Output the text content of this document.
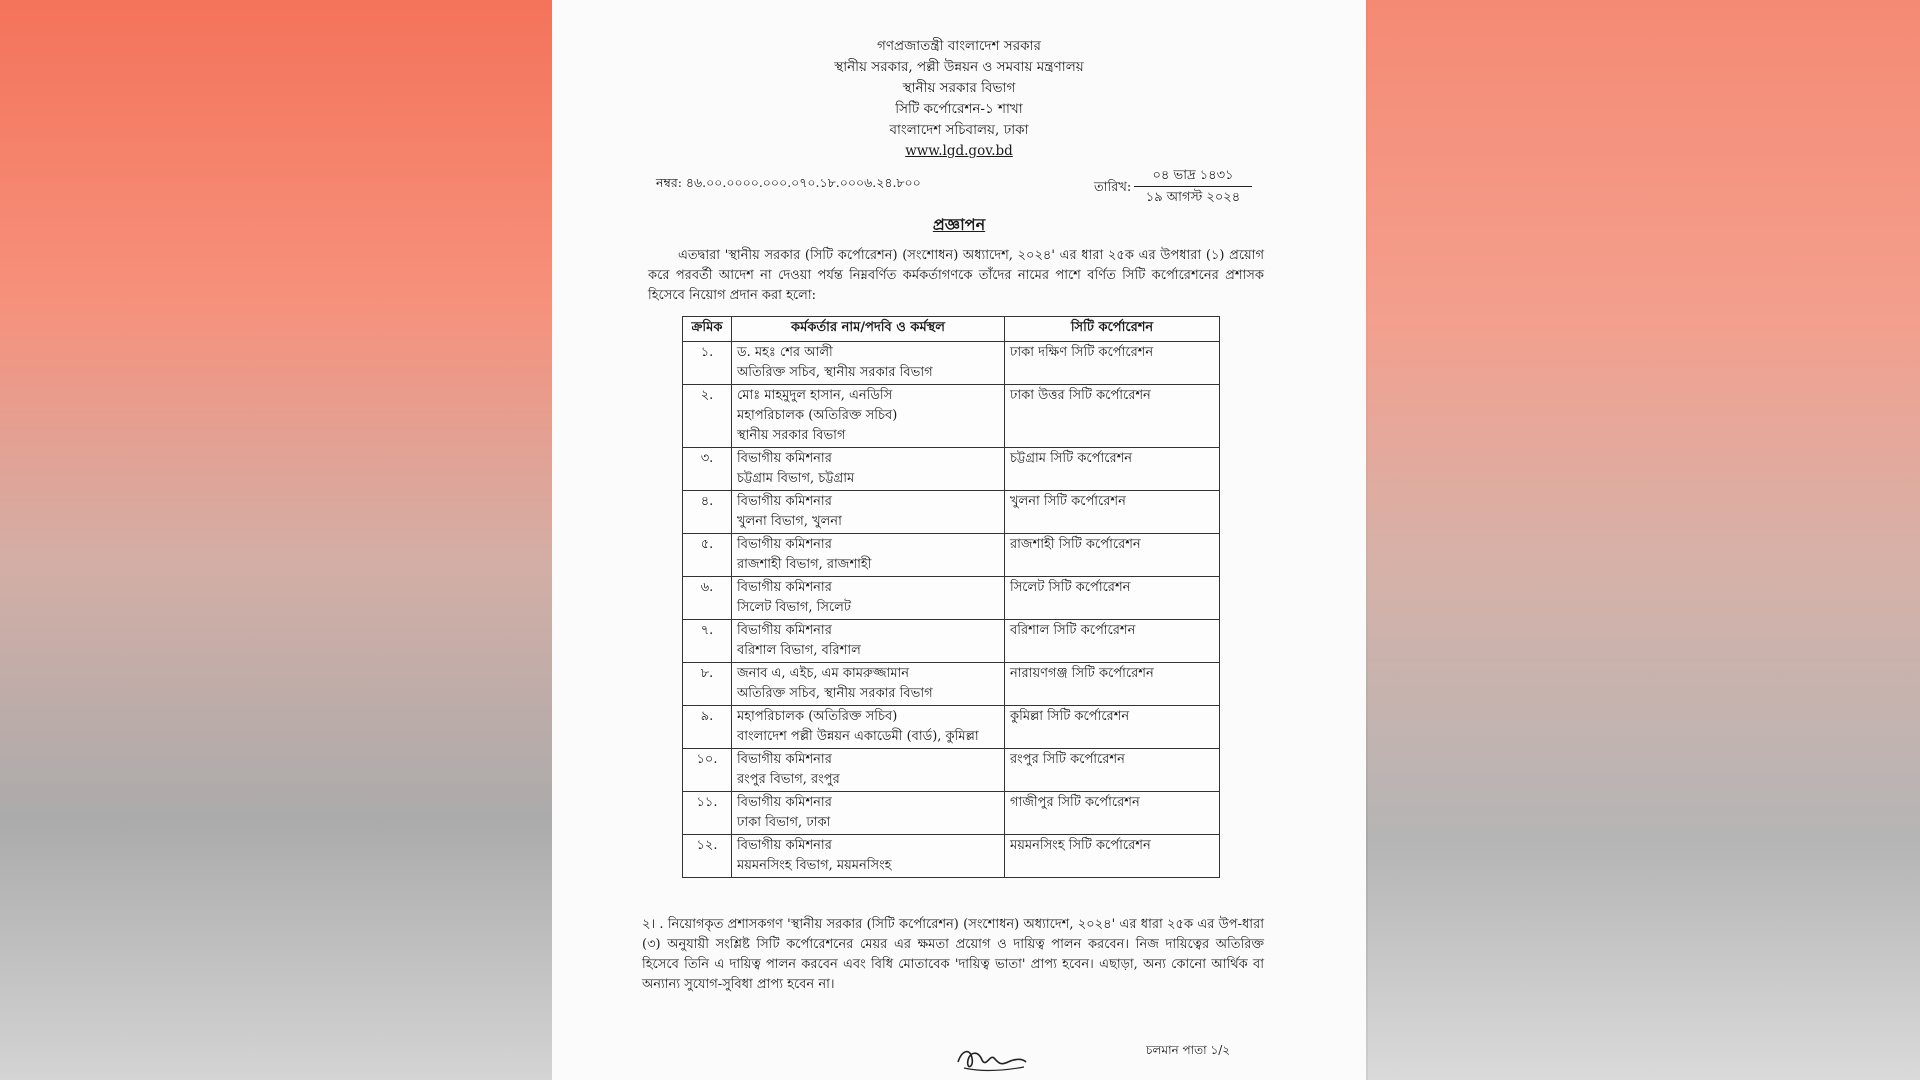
গণপ্রজাতন্ত্রী বাংলাদেশ সরকার
স্থানীয় সরকার, পল্লী উন্নয়ন ও সমবায় মন্ত্রণালয়
স্থানীয় সরকার বিভাগ
সিটি কর্পোরেশন-১ শাখা
বাংলাদেশ সচিবালয়, ঢাকা
www.lgd.gov.bd
নম্বর: ৪৬.০০.০০০০.০০০.০৭০.১৮.০০০৬.২৪.৮০০	তারিখ:
০৪ ভাদ্র ১৪৩১
১৯ আগস্ট ২০২৪
প্রজ্ঞাপন
এতদ্বারা 'স্থানীয় সরকার (সিটি কর্পোরেশন) (সংশোধন) অধ্যাদেশ, ২০২৪' এর ধারা ২৫ক এর উপধারা (১) প্রয়োগ করে পরবর্তী আদেশ না দেওয়া পর্যন্ত নিম্নবর্ণিত কর্মকর্তাগণকে তাঁদের নামের পাশে বর্ণিত সিটি কর্পোরেশনের প্রশাসক হিসেবে নিয়োগ প্রদান করা হলো:
ক্রমিক	কর্মকর্তার নাম/পদবি ও কর্মস্থল	সিটি কর্পোরেশন
১.	ড. মহঃ শের আলী
অতিরিক্ত সচিব, স্থানীয় সরকার বিভাগ	ঢাকা দক্ষিণ সিটি কর্পোরেশন
২.	মোঃ মাহমুদুল হাসান, এনডিসি
মহাপরিচালক (অতিরিক্ত সচিব)
স্থানীয় সরকার বিভাগ	ঢাকা উত্তর সিটি কর্পোরেশন
৩.	বিভাগীয় কমিশনার
চট্টগ্রাম বিভাগ, চট্টগ্রাম	চট্টগ্রাম সিটি কর্পোরেশন
৪.	বিভাগীয় কমিশনার
খুলনা বিভাগ, খুলনা	খুলনা সিটি কর্পোরেশন
৫.	বিভাগীয় কমিশনার
রাজশাহী বিভাগ, রাজশাহী	রাজশাহী সিটি কর্পোরেশন
৬.	বিভাগীয় কমিশনার
সিলেট বিভাগ, সিলেট	সিলেট সিটি কর্পোরেশন
৭.	বিভাগীয় কমিশনার
বরিশাল বিভাগ, বরিশাল	বরিশাল সিটি কর্পোরেশন
৮.	জনাব এ, এইচ, এম কামরুজ্জামান
অতিরিক্ত সচিব, স্থানীয় সরকার বিভাগ	নারায়ণগঞ্জ সিটি কর্পোরেশন
৯.	মহাপরিচালক (অতিরিক্ত সচিব)
বাংলাদেশ পল্লী উন্নয়ন একাডেমী (বার্ড), কুমিল্লা	কুমিল্লা সিটি কর্পোরেশন
১০.	বিভাগীয় কমিশনার
রংপুর বিভাগ, রংপুর	রংপুর সিটি কর্পোরেশন
১১.	বিভাগীয় কমিশনার
ঢাকা বিভাগ, ঢাকা	গাজীপুর সিটি কর্পোরেশন
১২.	বিভাগীয় কমিশনার
ময়মনসিংহ বিভাগ, ময়মনসিংহ	ময়মনসিংহ সিটি কর্পোরেশন
২। . নিয়োগকৃত প্রশাসকগণ 'স্থানীয় সরকার (সিটি কর্পোরেশন) (সংশোধন) অধ্যাদেশ, ২০২৪' এর ধারা ২৫ক এর উপ-ধারা (৩) অনুযায়ী সংশ্লিষ্ট সিটি কর্পোরেশনের মেয়র এর ক্ষমতা প্রয়োগ ও দায়িত্ব পালন করবেন। নিজ দায়িত্বের অতিরিক্ত হিসেবে তিনি এ দায়িত্ব পালন করবেন এবং বিধি মোতাবেক 'দায়িত্ব ভাতা' প্রাপ্য হবেন। এছাড়া, অন্য কোনো আর্থিক বা অন্যান্য সুযোগ-সুবিধা প্রাপ্য হবেন না।
চলমান পাতা ১/২
